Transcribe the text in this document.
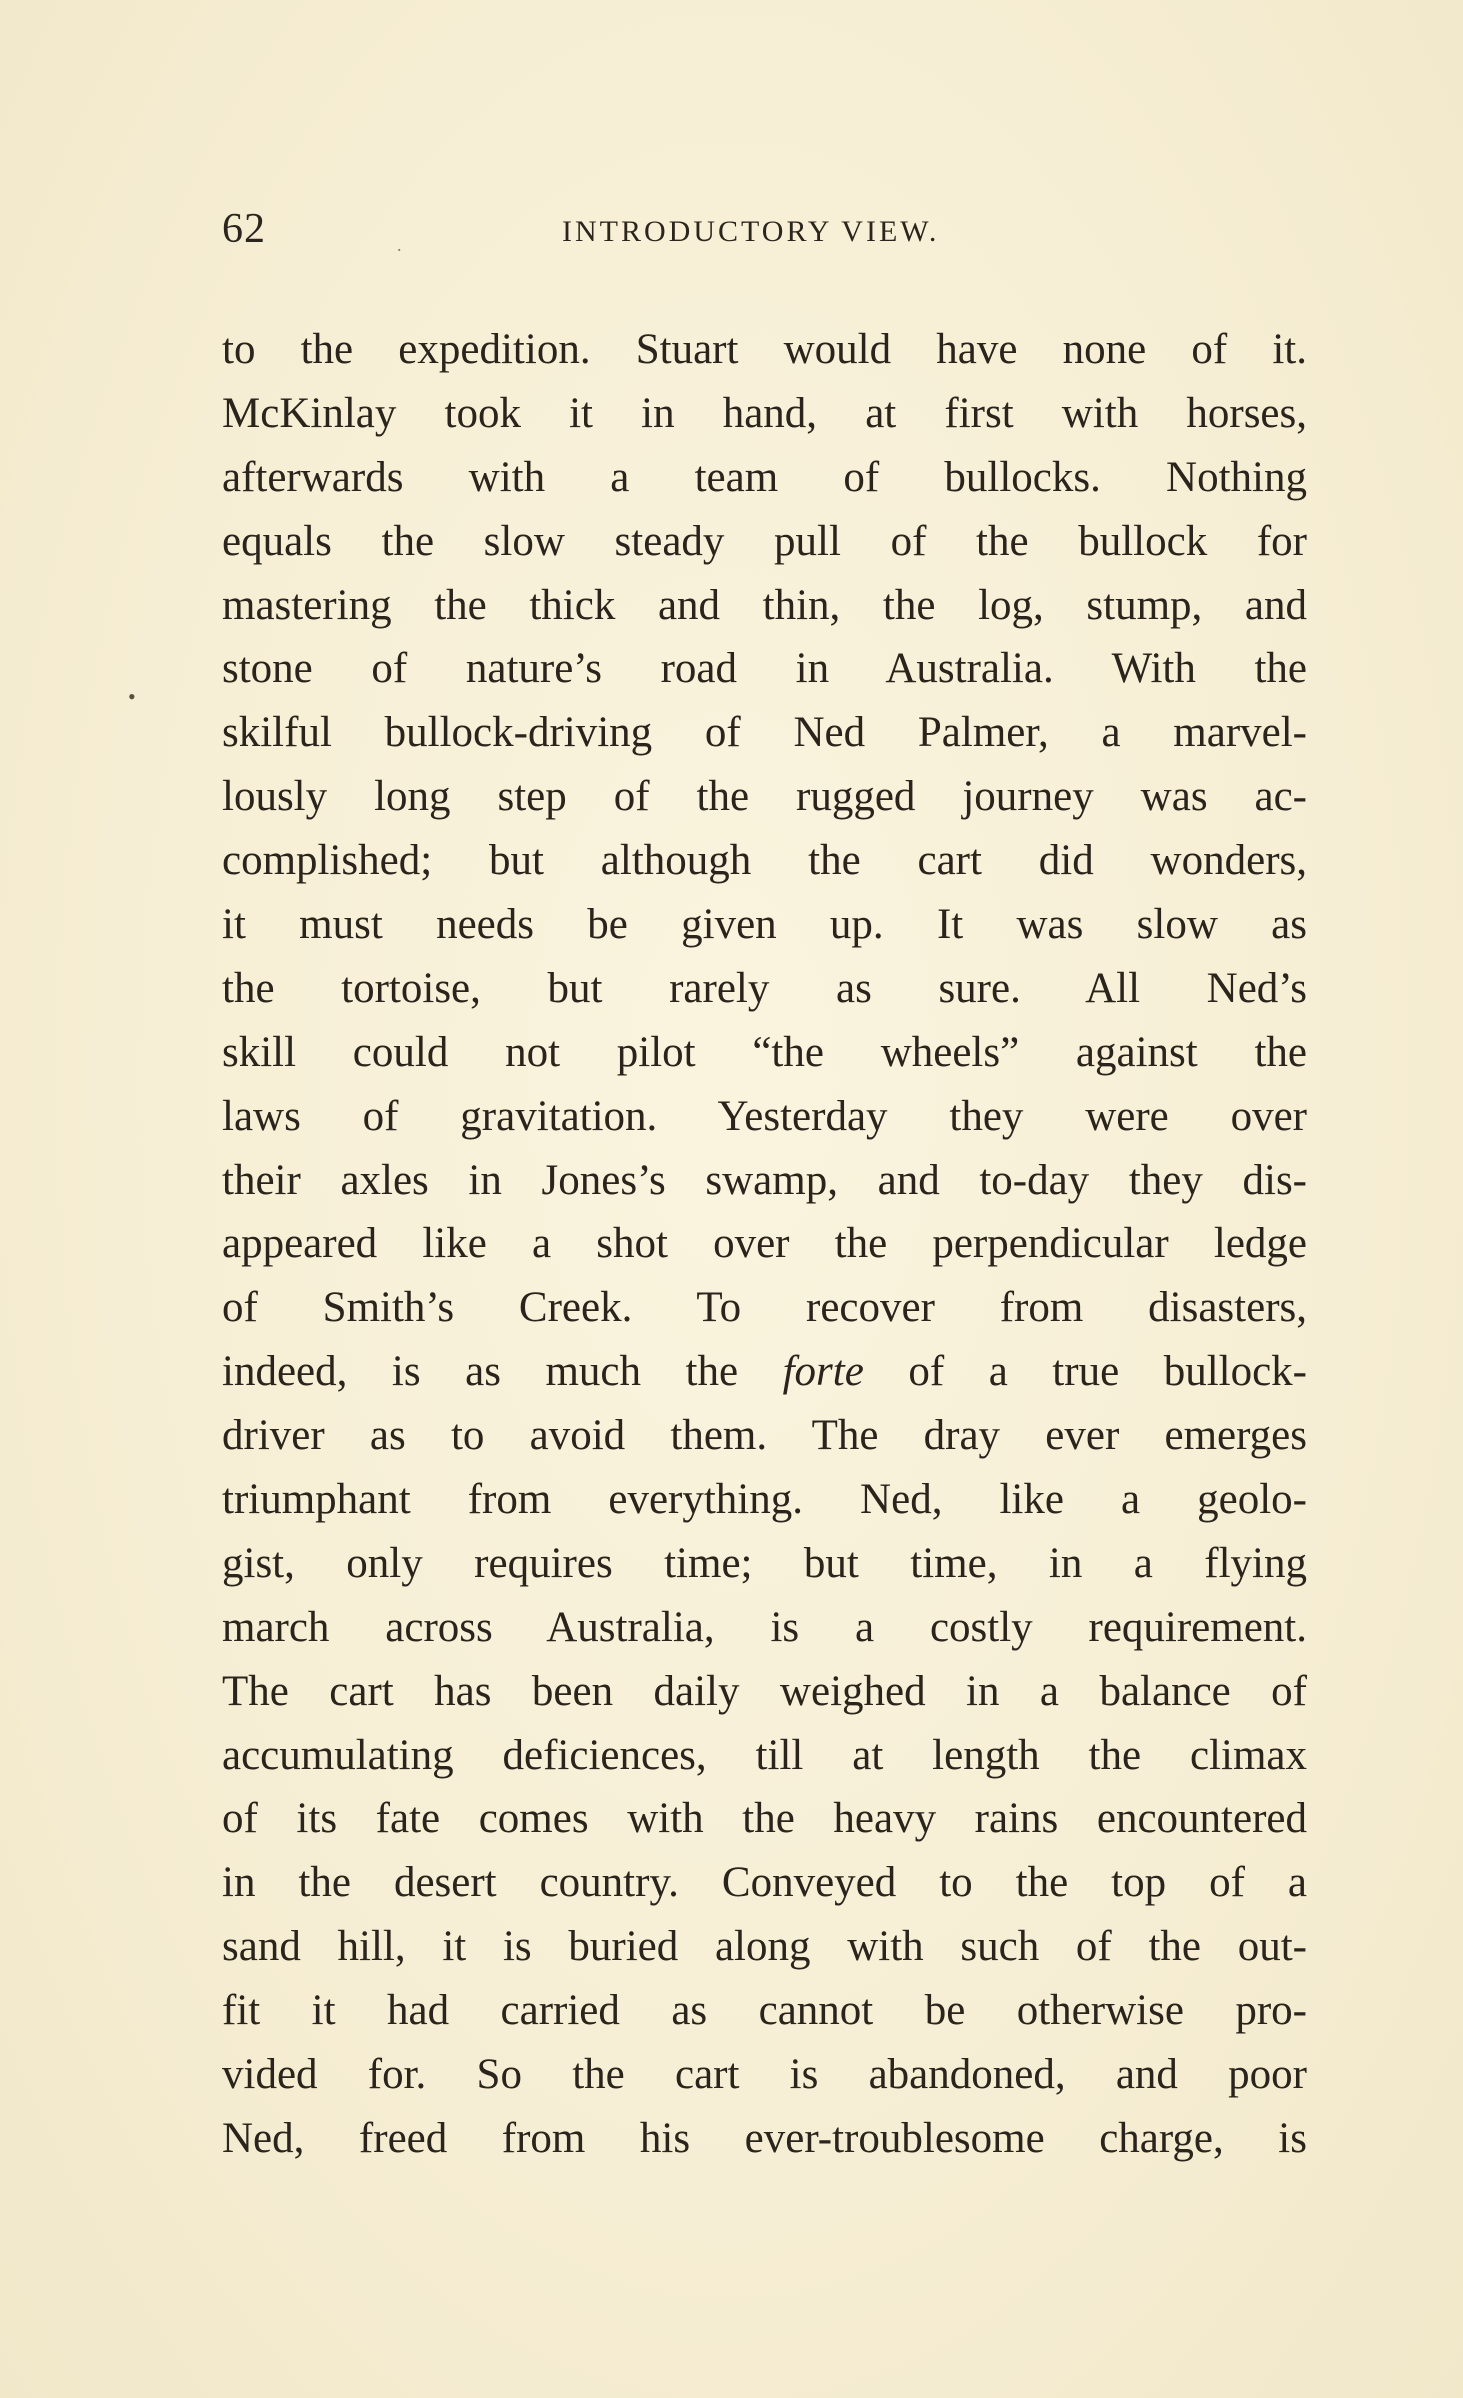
62	.	INTRODUCTORY VIEW.
•
to the expedition. Stuart would have none of it.
McKinlay took it in hand, at first with horses,
afterwards with a team of bullocks. Nothing
equals the slow steady pull of the bullock for
mastering the thick and thin, the log, stump, and
stone of nature’s road in Australia. With the
skilful bullock-driving of Ned Palmer, a marvel-
lously long step of the rugged journey was ac-
complished; but although the cart did wonders,
it must needs be given up. It was slow as
the tortoise, but rarely as sure. All Ned’s
skill could not pilot “the wheels” against the
laws of gravitation. Yesterday they were over
their axles in Jones’s swamp, and to-day they dis-
appeared like a shot over the perpendicular ledge
of Smith’s Creek. To recover from disasters,
indeed, is as much the forte of a true bullock-
driver as to avoid them. The dray ever emerges
triumphant from everything. Ned, like a geolo-
gist, only requires time; but time, in a flying
march across Australia, is a costly requirement.
The cart has been daily weighed in a balance of
accumulating deficiences, till at length the climax
of its fate comes with the heavy rains encountered
in the desert country. Conveyed to the top of a
sand hill, it is buried along with such of the out-
fit it had carried as cannot be otherwise pro-
vided for. So the cart is abandoned, and poor
Ned, freed from his ever-troublesome charge, is
